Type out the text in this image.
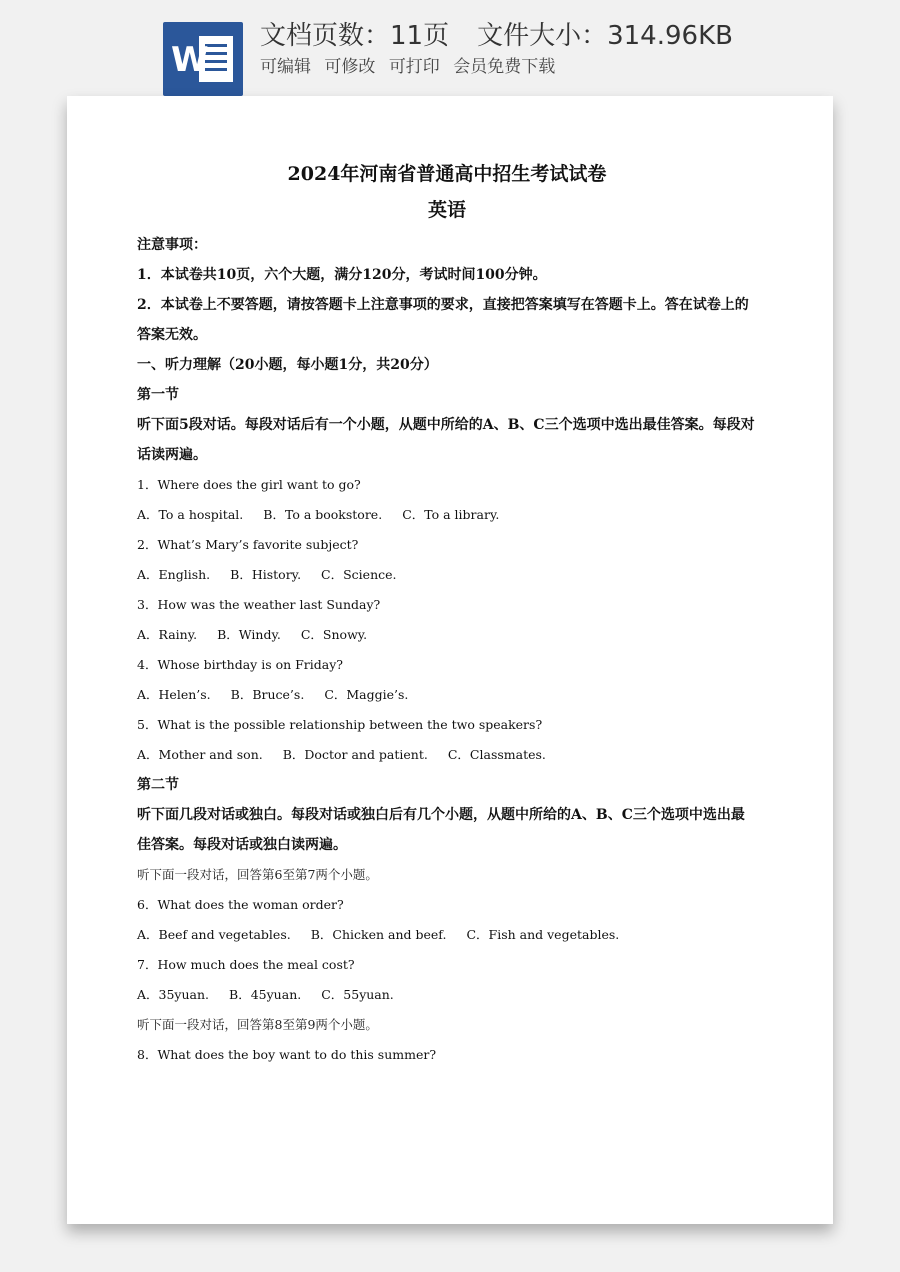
W
文档页数：11页 文件大小：314.96KB
可编辑 可修改 可打印 会员免费下载

2024年河南省普通高中招生考试试卷

英语

注意事项：

1．本试卷共10页，六个大题，满分120分，考试时间100分钟。

2．本试卷上不要答题，请按答题卡上注意事项的要求，直接把答案填写在答题卡上。答在试卷上的答案无效。

一、听力理解（20小题，每小题1分，共20分）

第一节

听下面5段对话。每段对话后有一个小题，从题中所给的A、B、C三个选项中选出最佳答案。每段对话读两遍。

1．Where does the girl want to go?

A．To a hospital. B．To a bookstore. C．To a library.

2．What’s Mary’s favorite subject?

A．English. B．History. C．Science.

3．How was the weather last Sunday?

A．Rainy. B．Windy. C．Snowy.

4．Whose birthday is on Friday?

A．Helen’s. B．Bruce’s. C．Maggie’s.

5．What is the possible relationship between the two speakers?

A．Mother and son. B．Doctor and patient. C．Classmates.

第二节

听下面几段对话或独白。每段对话或独白后有几个小题，从题中所给的A、B、C三个选项中选出最佳答案。每段对话或独白读两遍。

听下面一段对话，回答第6至第7两个小题。

6．What does the woman order?

A．Beef and vegetables. B．Chicken and beef. C．Fish and vegetables.

7．How much does the meal cost?

A．35yuan. B．45yuan. C．55yuan.

听下面一段对话，回答第8至第9两个小题。

8．What does the boy want to do this summer?
